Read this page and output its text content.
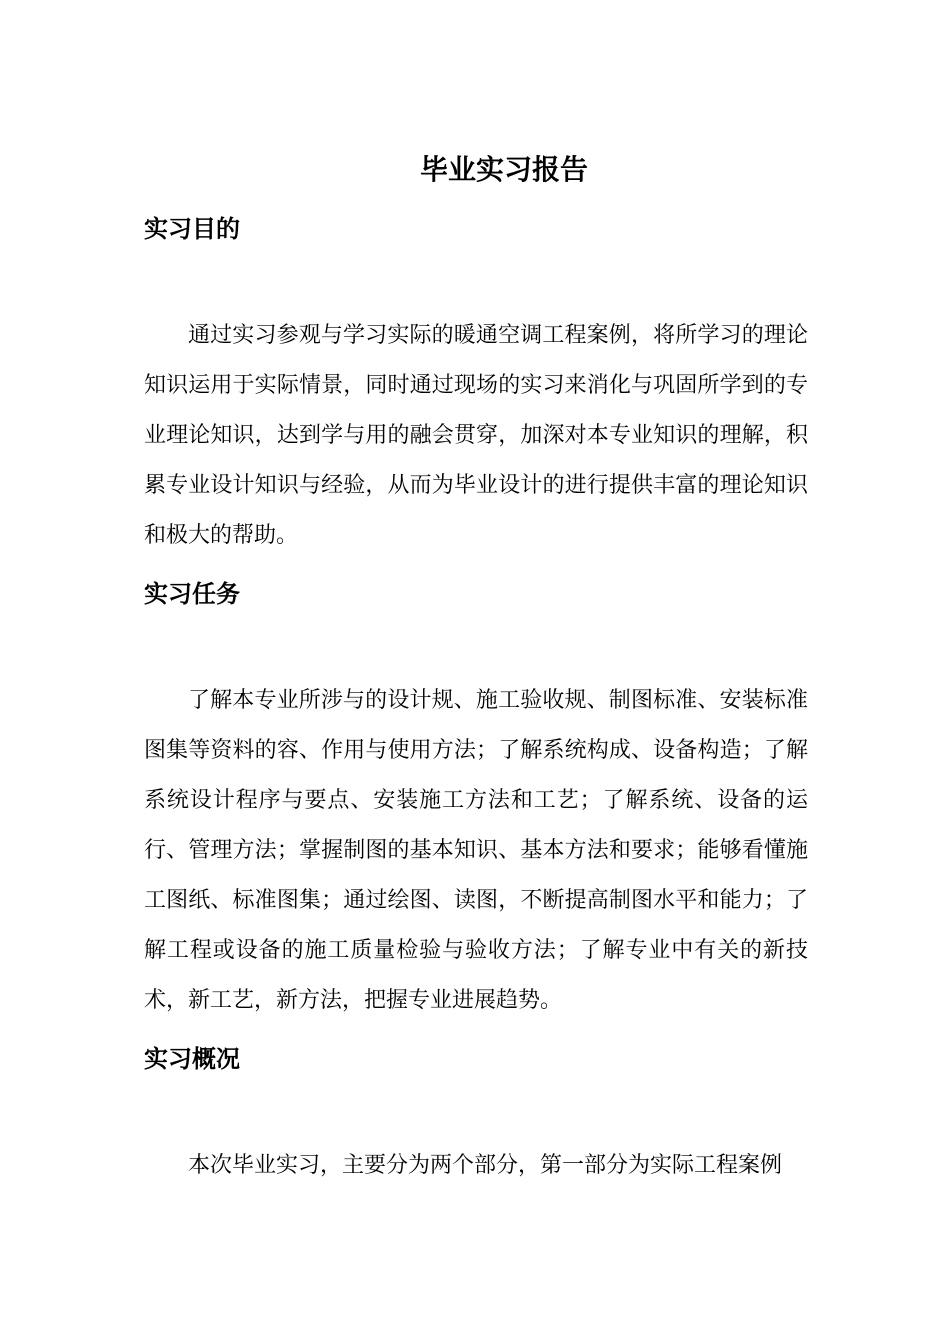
毕业实习报告
实习目的

通过实习参观与学习实际的暖通空调工程案例，将所学习的理论知识运用于实际情景，同时通过现场的实习来消化与巩固所学到的专业理论知识，达到学与用的融会贯穿，加深对本专业知识的理解，积累专业设计知识与经验，从而为毕业设计的进行提供丰富的理论知识和极大的帮助。

实习任务

了解本专业所涉与的设计规、施工验收规、制图标准、安装标准图集等资料的容、作用与使用方法；了解系统构成、设备构造；了解系统设计程序与要点、安装施工方法和工艺；了解系统、设备的运行、管理方法；掌握制图的基本知识、基本方法和要求；能够看懂施工图纸、标准图集；通过绘图、读图，不断提高制图水平和能力；了解工程或设备的施工质量检验与验收方法；了解专业中有关的新技术，新工艺，新方法，把握专业进展趋势。

实习概况

本次毕业实习，主要分为两个部分，第一部分为实际工程案例
